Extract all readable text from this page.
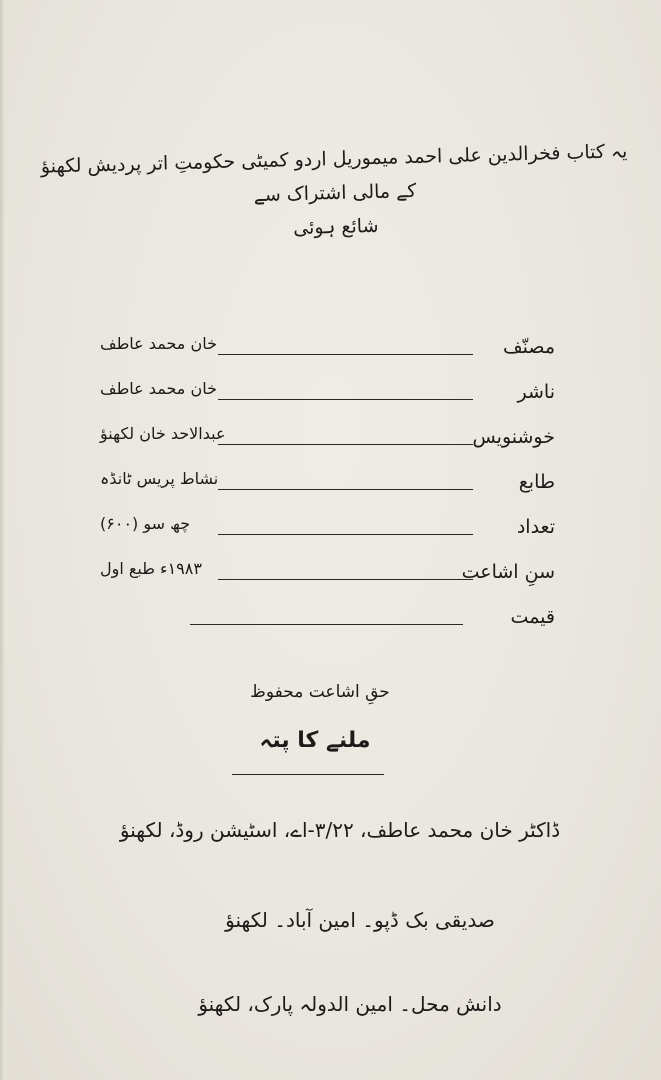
یہ کتاب فخرالدین علی احمد میموریل اردو کمیٹی حکومتِ اتر پردیش لکھنؤ کے مالی اشتراک سے
شائع ہوئی
مصنّف
خان محمد عاطف
ناشر
خان محمد عاطف
خوشنویس
عبدالاحد خان لکھنؤ
طابع
نشاط پریس ٹانڈہ
تعداد
چھ سو (۶۰۰)
سنِ اشاعت
۱۹۸۳ء طبع اول
قیمت
حقِ اشاعت محفوظ
ملنے کا پتہ
ڈاکٹر خان محمد عاطف، ۳/۲۲-اے، اسٹیشن روڈ، لکھنؤ
صدیقی بک ڈپو۔ امین آباد۔ لکھنؤ
دانش محل۔ امین الدولہ پارک، لکھنؤ
